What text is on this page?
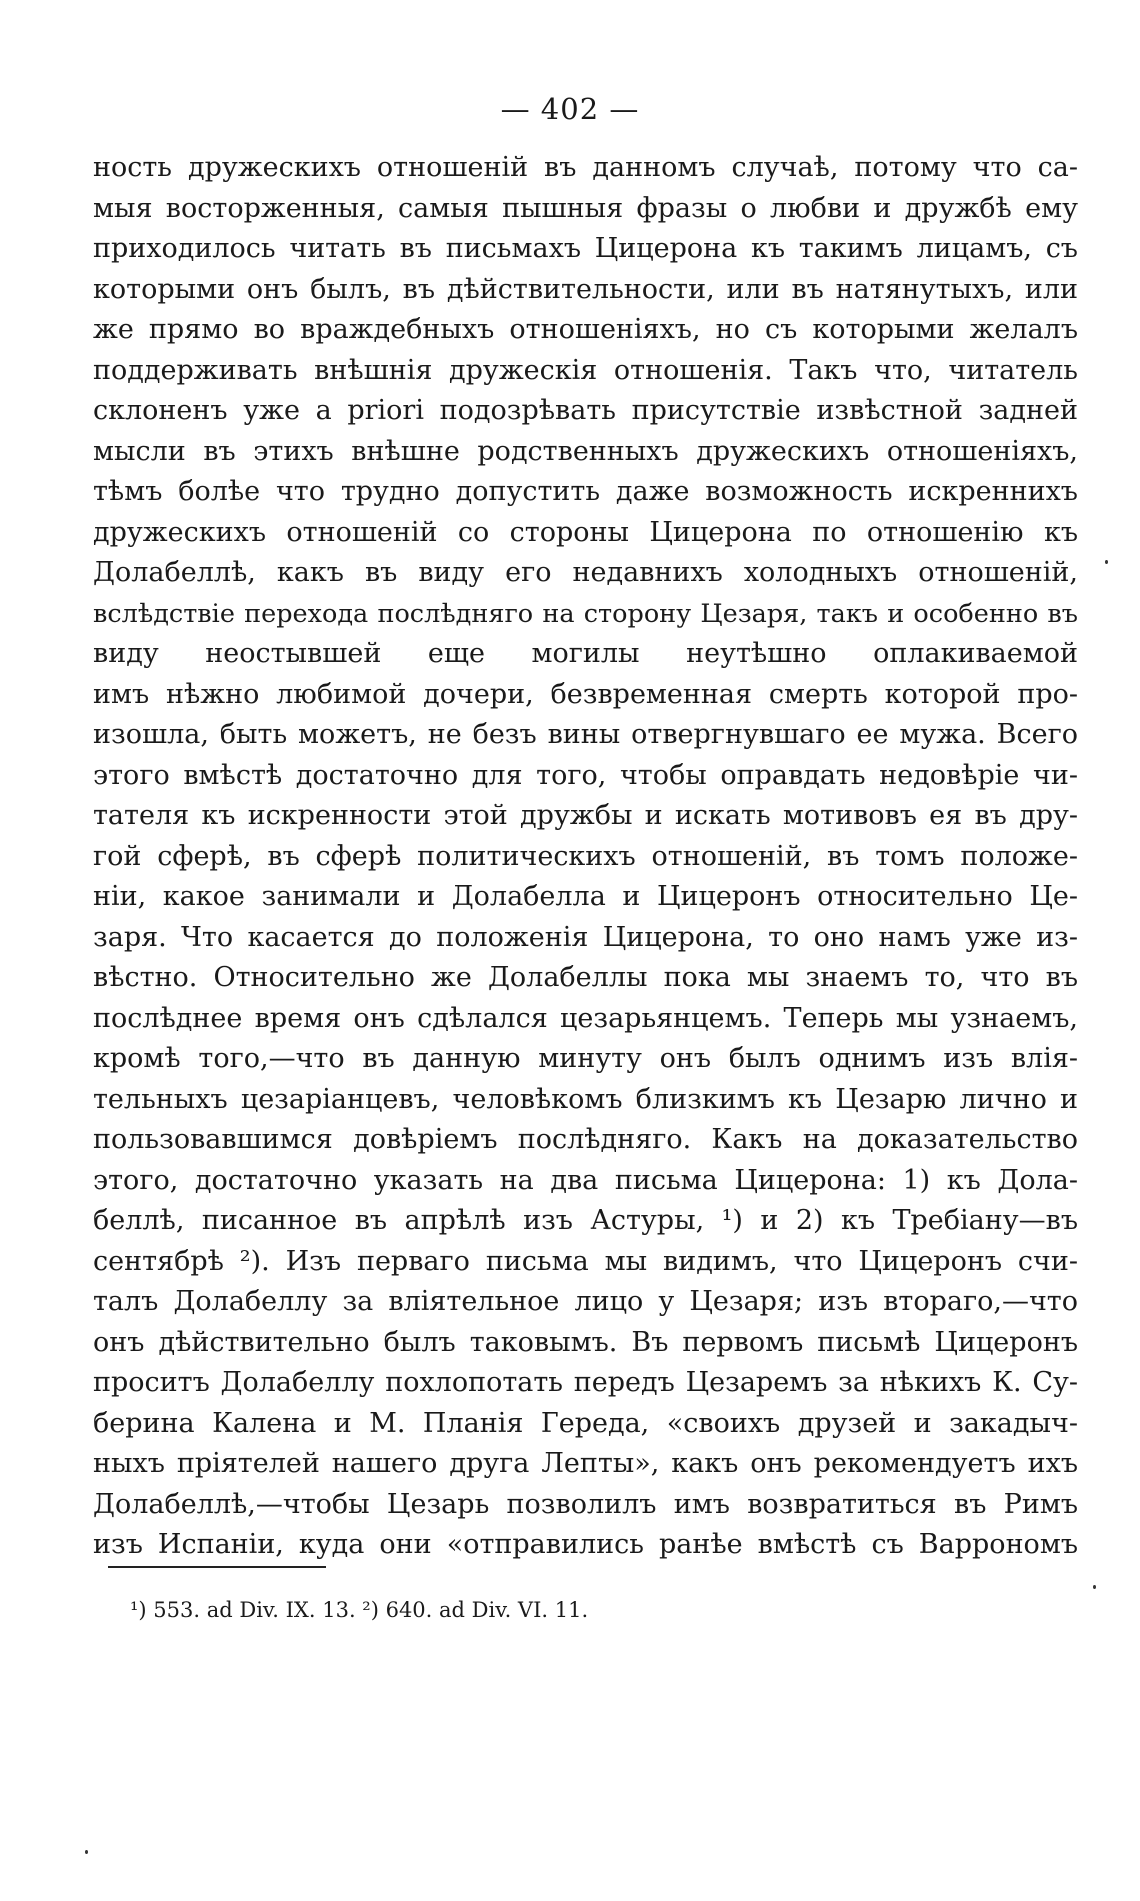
— 402 —
ность дружескихъ отношенiй въ данномъ случаѣ, потому что са-
мыя восторженныя, самыя пышныя фразы о любви и дружбѣ ему
приходилось читать въ письмахъ Цицерона къ такимъ лицамъ, съ
которыми онъ былъ, въ дѣйствительности, или въ натянутыхъ, или
же прямо во враждебныхъ отношенiяхъ, но съ которыми желалъ
поддерживать внѣшнiя дружескiя отношенiя. Такъ что, читатель
склоненъ уже a priori подозрѣвать присутствiе извѣстной задней
мысли въ этихъ внѣшне родственныхъ дружескихъ отношенiяхъ,
тѣмъ болѣе что трудно допустить даже возможность искреннихъ
дружескихъ отношенiй со стороны Цицерона по отношенiю къ
Долабеллѣ, какъ въ виду его недавнихъ холодныхъ отношенiй,
вслѣдствiе перехода послѣдняго на сторону Цезаря, такъ и особенно въ
виду неостывшей еще могилы неутѣшно оплакиваемой
имъ нѣжно любимой дочери, безвременная смерть которой про-
изошла, быть можетъ, не безъ вины отвергнувшаго ее мужа. Всего
этого вмѣстѣ достаточно для того, чтобы оправдать недовѣрiе чи-
тателя къ искренности этой дружбы и искать мотивовъ ея въ дру-
гой сферѣ, въ сферѣ политическихъ отношенiй, въ томъ положе-
нiи, какое занимали и Долабелла и Цицеронъ относительно Це-
заря. Что касается до положенiя Цицерона, то оно намъ уже из-
вѣстно. Относительно же Долабеллы пока мы знаемъ то, что въ
послѣднее время онъ сдѣлался цезарьянцемъ. Теперь мы узнаемъ,
кромѣ того,—что въ данную минуту онъ былъ однимъ изъ влiя-
тельныхъ цезарiанцевъ, человѣкомъ близкимъ къ Цезарю лично и
пользовавшимся довѣрiемъ послѣдняго. Какъ на доказательство
этого, достаточно указать на два письма Цицерона: 1) къ Дола-
беллѣ, писанное въ апрѣлѣ изъ Астуры, ¹) и 2) къ Требiану—въ
сентябрѣ ²). Изъ перваго письма мы видимъ, что Цицеронъ счи-
талъ Долабеллу за влiятельное лицо у Цезаря; изъ втораго,—что
онъ дѣйствительно былъ таковымъ. Въ первомъ письмѣ Цицеронъ
проситъ Долабеллу похлопотать передъ Цезаремъ за нѣкихъ К. Су-
берина Калена и М. Планiя Гереда, «своихъ друзей и закадыч-
ныхъ прiятелей нашего друга Лепты», какъ онъ рекомендуетъ ихъ
Долабеллѣ,—чтобы Цезарь позволилъ имъ возвратиться въ Римъ
изъ Испанiи, куда они «отправились ранѣе вмѣстѣ съ Варрономъ
¹) 553. ad Div. IX. 13. ²) 640. ad Div. VI. 11.
